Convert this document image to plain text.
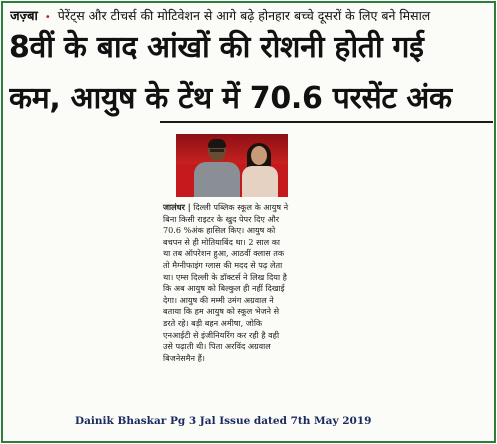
जज़्बा • पेरेंट्स और टीचर्स की मोटिवेशन से आगे बढ़े होनहार बच्चे दूसरों के लिए बने मिसाल
8वीं के बाद आंखों की रोशनी होती गई
कम, आयुष के टेंथ में 70.6 परसेंट अंक
जालंधर | दिल्ली पब्लिक स्कूल के आयुष ने बिना किसी राइटर के खुद पेपर दिए और 70.6 %अंक हासिल किए। आयुष को बचपन से ही मोतियाबिंद था। 2 साल का था तब ऑपरेशन हुआ, आठवीं क्लास तक तो मैग्नीफाइंग ग्लास की मदद से पढ़ लेता था। एम्स दिल्ली के डॉक्टर्स ने लिख दिया है कि अब आयुष को बिल्कुल ही नहीं दिखाई देगा। आयुष की मम्मी उमंग अग्रवाल ने बताया कि हम आयुष को स्कूल भेजने से डरते रहे। बड़ी बहन अमीषा, जोकि एनआईटी से इंजीनियरिंग कर रही है वही उसे पढ़ाती थी। पिता अरविंद अग्रवाल बिजनेसमैन हैं।
Dainik Bhaskar Pg 3 Jal Issue dated 7th May 2019
